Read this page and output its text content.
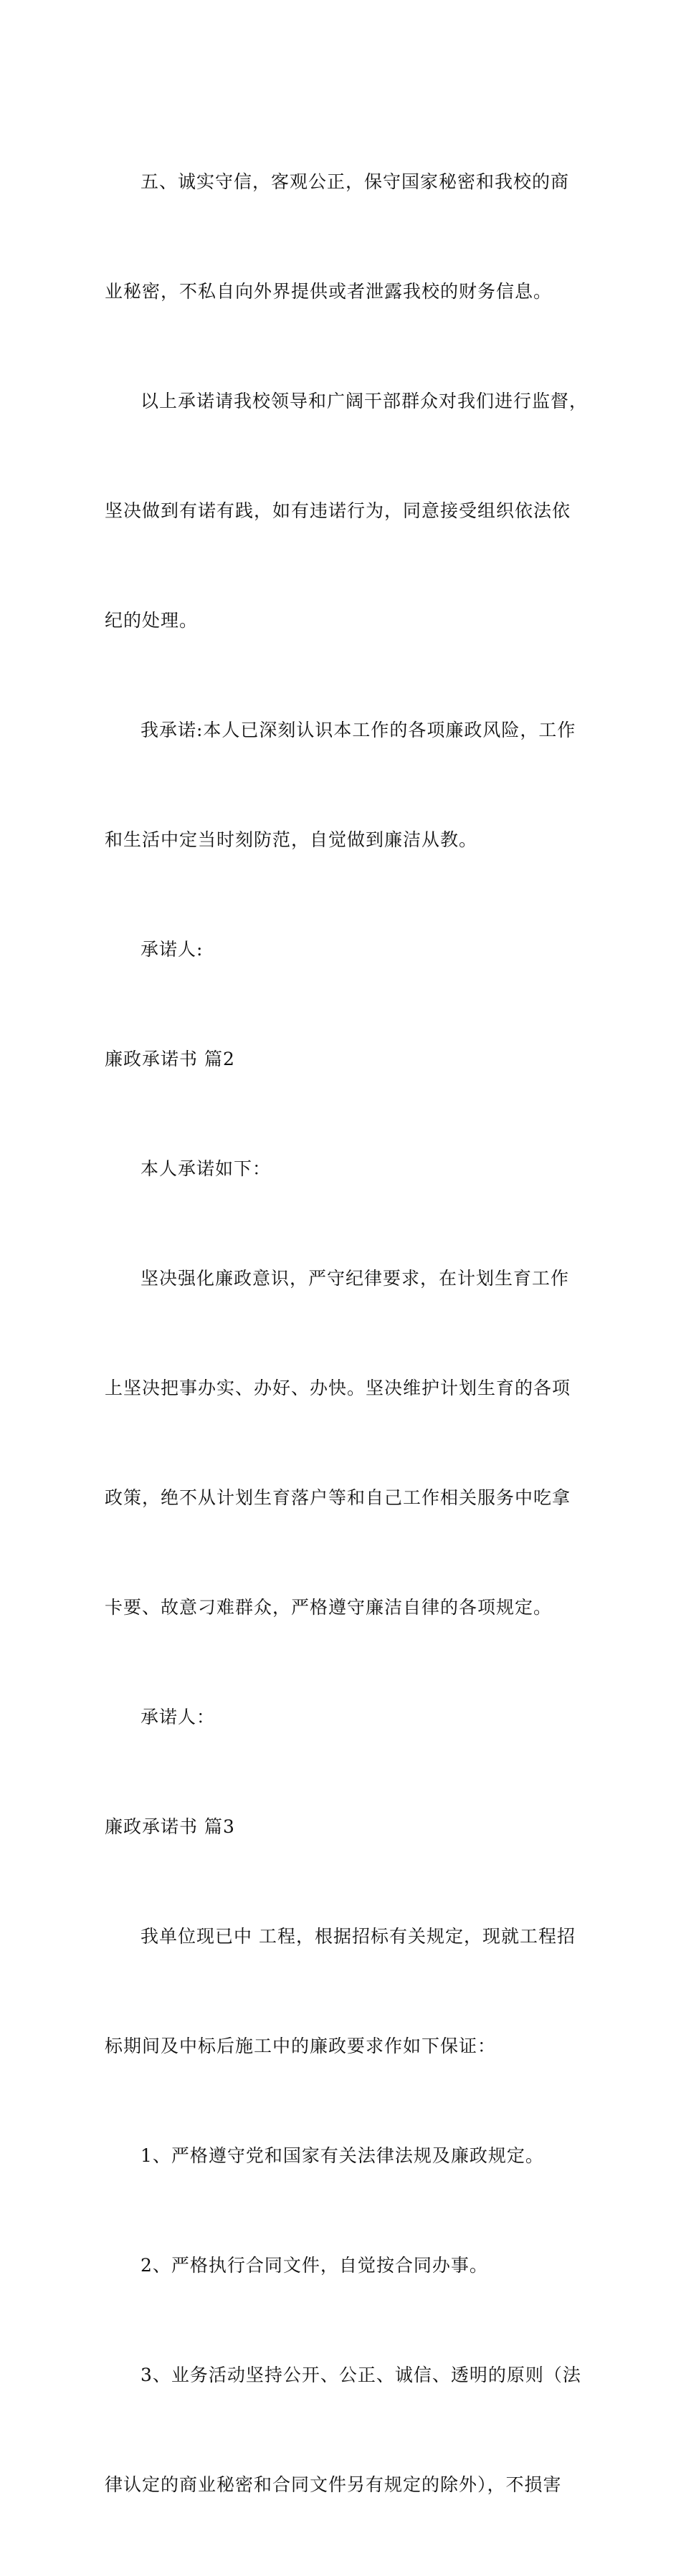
五、诚实守信，客观公正，保守国家秘密和我校的商

业秘密，不私自向外界提供或者泄露我校的财务信息。

以上承诺请我校领导和广阔干部群众对我们进行监督，

坚决做到有诺有践，如有违诺行为，同意接受组织依法依

纪的处理。

我承诺:本人已深刻认识本工作的各项廉政风险，工作

和生活中定当时刻防范，自觉做到廉洁从教。

承诺人:

廉政承诺书 篇2

本人承诺如下：

坚决强化廉政意识，严守纪律要求，在计划生育工作

上坚决把事办实、办好、办快。坚决维护计划生育的各项

政策，绝不从计划生育落户等和自己工作相关服务中吃拿

卡要、故意刁难群众，严格遵守廉洁自律的各项规定。

承诺人：

廉政承诺书 篇3

我单位现已中 工程，根据招标有关规定，现就工程招

标期间及中标后施工中的廉政要求作如下保证：

1、严格遵守党和国家有关法律法规及廉政规定。

2、严格执行合同文件，自觉按合同办事。

3、业务活动坚持公开、公正、诚信、透明的原则（法

律认定的商业秘密和合同文件另有规定的除外），不损害
